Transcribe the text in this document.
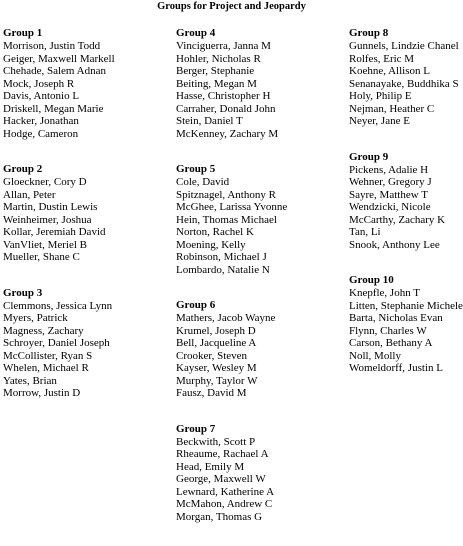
Groups for Project and Jeopardy
Group 1
Morrison, Justin Todd
Geiger, Maxwell Markell
Chehade, Salem Adnan
Mock, Joseph R
Davis, Antonio L
Driskell, Megan Marie
Hacker, Jonathan
Hodge, Cameron
Group 2
Gloeckner, Cory D
Allan, Peter
Martin, Dustin Lewis
Weinheimer, Joshua
Kollar, Jeremiah David
VanVliet, Meriel B
Mueller, Shane C
Group 3
Clemmons, Jessica Lynn
Myers, Patrick
Magness, Zachary
Schroyer, Daniel Joseph
McCollister, Ryan S
Whelen, Michael R
Yates, Brian
Morrow, Justin D
Group 4
Vinciguerra, Janna M
Hohler, Nicholas R
Berger, Stephanie
Beiting, Megan M
Hasse, Christopher H
Carraher, Donald John
Stein, Daniel T
McKenney, Zachary M
Group 5
Cole, David
Spitznagel, Anthony R
McGhee, Larissa Yvonne
Hein, Thomas Michael
Norton, Rachel K
Moening, Kelly
Robinson, Michael J
Lombardo, Natalie N
Group 6
Mathers, Jacob Wayne
Krumel, Joseph D
Bell, Jacqueline A
Crooker, Steven
Kayser, Wesley M
Murphy, Taylor W
Fausz, David M
Group 7
Beckwith, Scott P
Rheaume, Rachael A
Head, Emily M
George, Maxwell W
Lewnard, Katherine A
McMahon, Andrew C
Morgan, Thomas G
Group 8
Gunnels, Lindzie Chanel
Rolfes, Eric M
Koehne, Allison L
Senanayake, Buddhika S
Holy, Philip E
Nejman, Heather C
Neyer, Jane E
Group 9
Pickens, Adalie H
Wehner, Gregory J
Sayre, Matthew T
Wendzicki, Nicole
McCarthy, Zachary K
Tan, Li
Snook, Anthony Lee
Group 10
Knepfle, John T
Litten, Stephanie Michele
Barta, Nicholas Evan
Flynn, Charles W
Carson, Bethany A
Noll, Molly
Womeldorff, Justin L
